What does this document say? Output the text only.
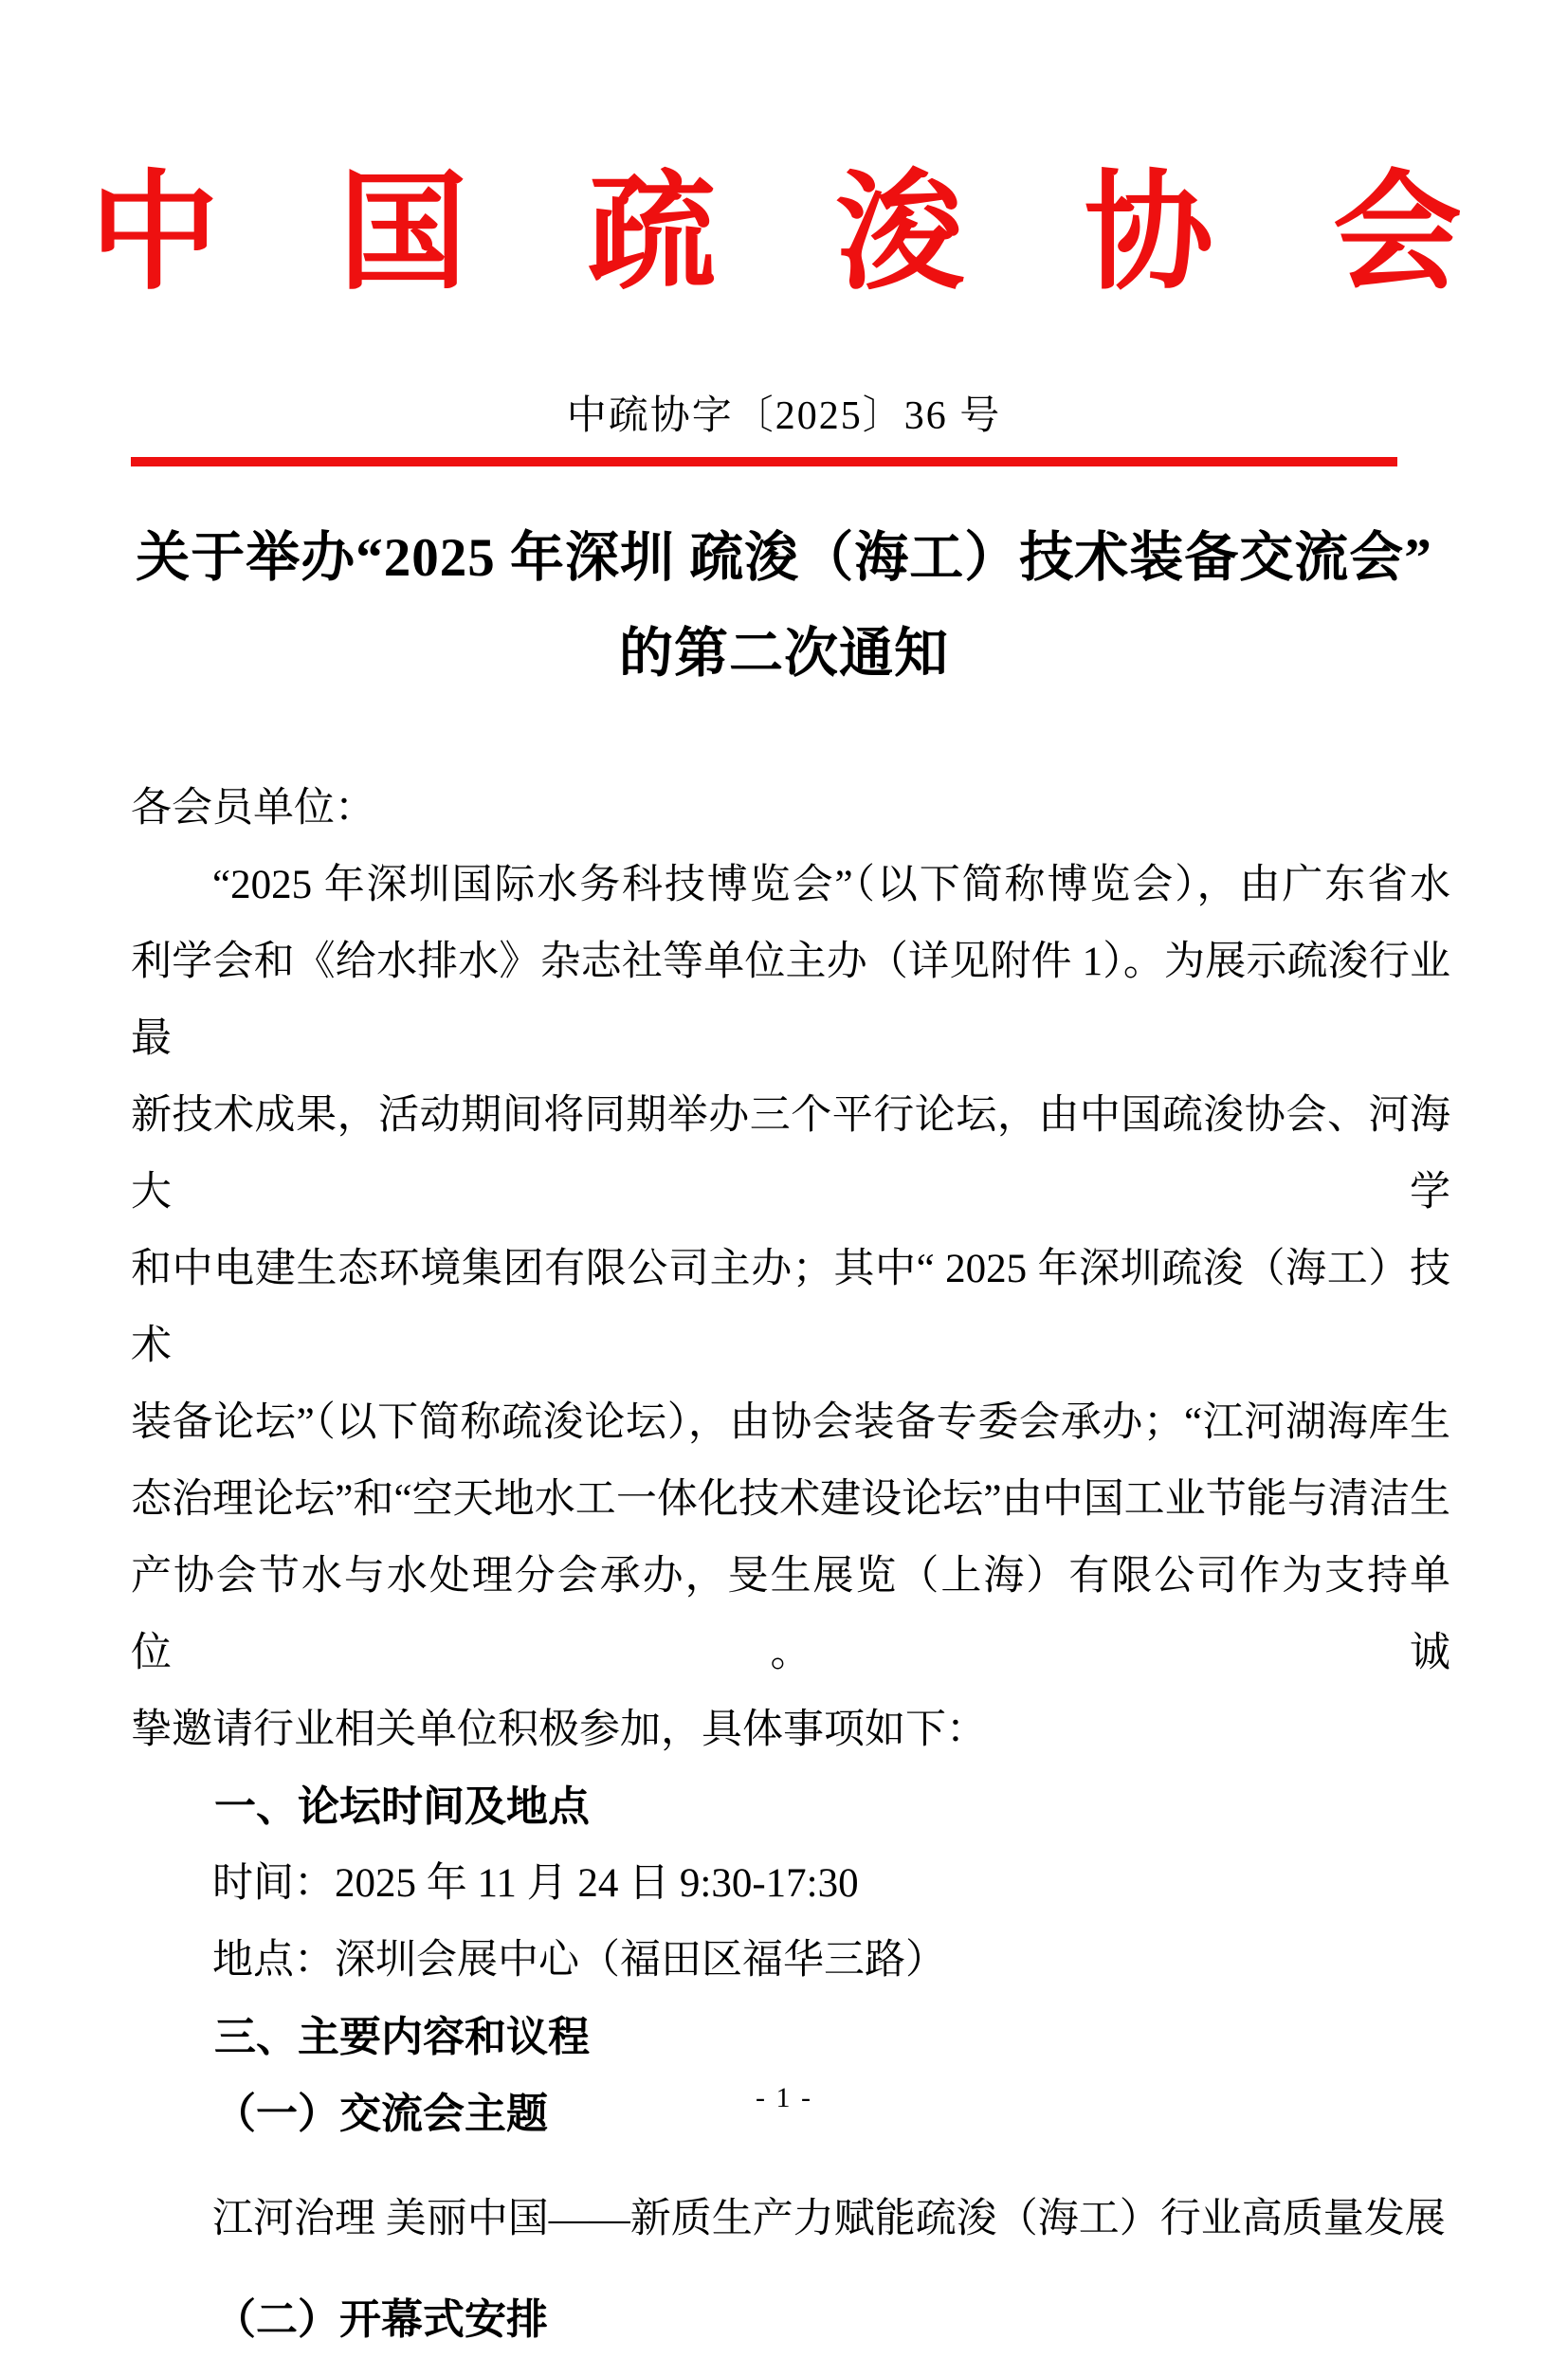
中 国 疏 浚 协 会
中疏协字〔2025〕36 号
关于举办“2025 年深圳 疏浚（海工）技术装备交流会”
的第二次通知
各会员单位：
“2025 年深圳国际水务科技博览会”（以下简称博览会），由广东省水
利学会和《给水排水》杂志社等单位主办（详见附件 1）。为展示疏浚行业最
新技术成果，活动期间将同期举办三个平行论坛，由中国疏浚协会、河海大学
和中电建生态环境集团有限公司主办；其中“ 2025 年深圳疏浚（海工）技术
装备论坛”（以下简称疏浚论坛），由协会装备专委会承办；“江河湖海库生
态治理论坛”和“空天地水工一体化技术建设论坛”由中国工业节能与清洁生
产协会节水与水处理分会承办，旻生展览（上海）有限公司作为支持单位。诚
挚邀请行业相关单位积极参加，具体事项如下：
一、论坛时间及地点
时间：2025 年 11 月 24 日 9:30-17:30
地点：深圳会展中心（福田区福华三路）
三、主要内容和议程
（一）交流会主题
江河治理 美丽中国——新质生产力赋能疏浚（海工）行业高质量发展
（二）开幕式安排
- 1 -
